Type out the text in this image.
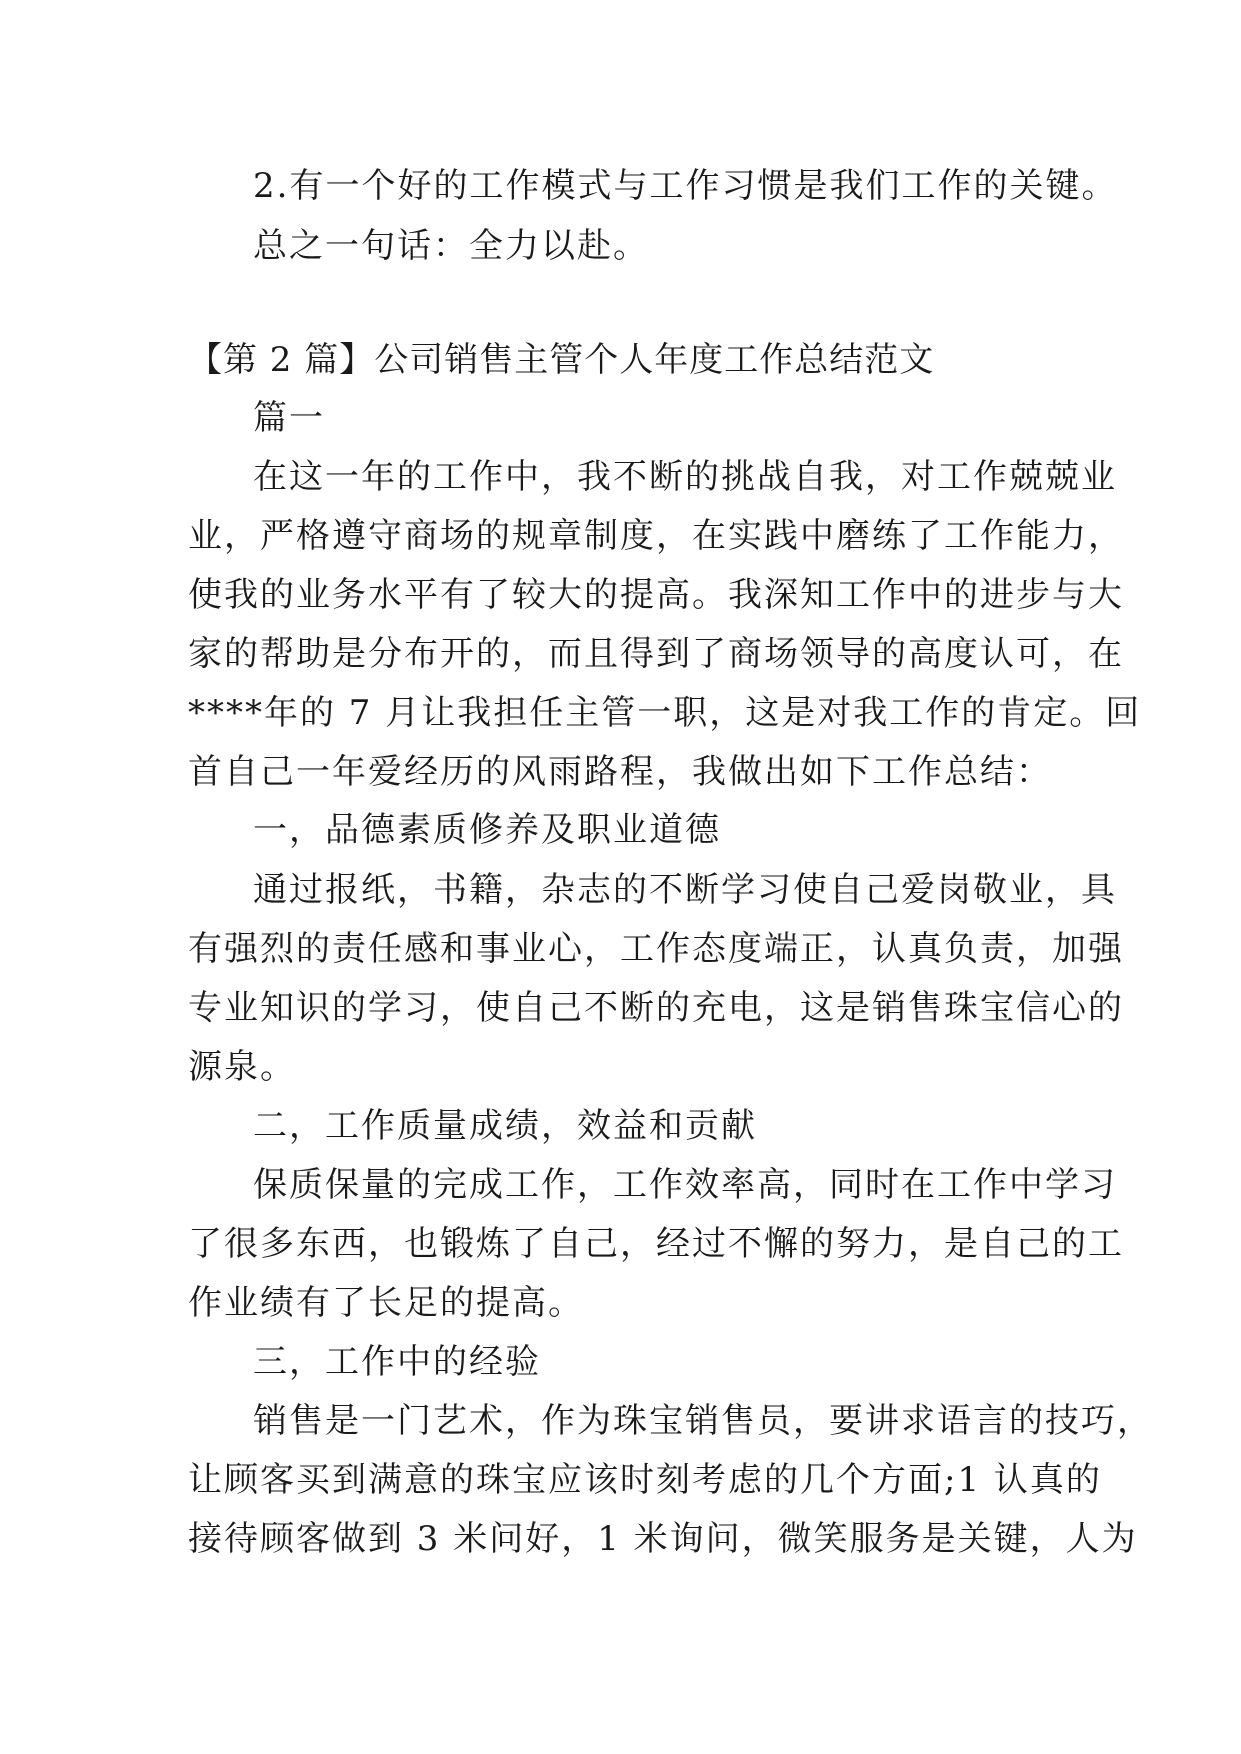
2.有一个好的工作模式与工作习惯是我们工作的关键。
总之一句话：全力以赴。
【第 2 篇】公司销售主管个人年度工作总结范文
篇一
在这一年的工作中，我不断的挑战自我，对工作兢兢业
业，严格遵守商场的规章制度，在实践中磨练了工作能力，
使我的业务水平有了较大的提高。我深知工作中的进步与大
家的帮助是分布开的，而且得到了商场领导的高度认可，在
****年的 7 月让我担任主管一职，这是对我工作的肯定。回
首自己一年爱经历的风雨路程，我做出如下工作总结：
一，品德素质修养及职业道德
通过报纸，书籍，杂志的不断学习使自己爱岗敬业，具
有强烈的责任感和事业心，工作态度端正，认真负责，加强
专业知识的学习，使自己不断的充电，这是销售珠宝信心的
源泉。
二，工作质量成绩，效益和贡献
保质保量的完成工作，工作效率高，同时在工作中学习
了很多东西，也锻炼了自己，经过不懈的努力，是自己的工
作业绩有了长足的提高。
三，工作中的经验
销售是一门艺术，作为珠宝销售员，要讲求语言的技巧，
让顾客买到满意的珠宝应该时刻考虑的几个方面;1 认真的
接待顾客做到 3 米问好，1 米询问，微笑服务是关键，人为
